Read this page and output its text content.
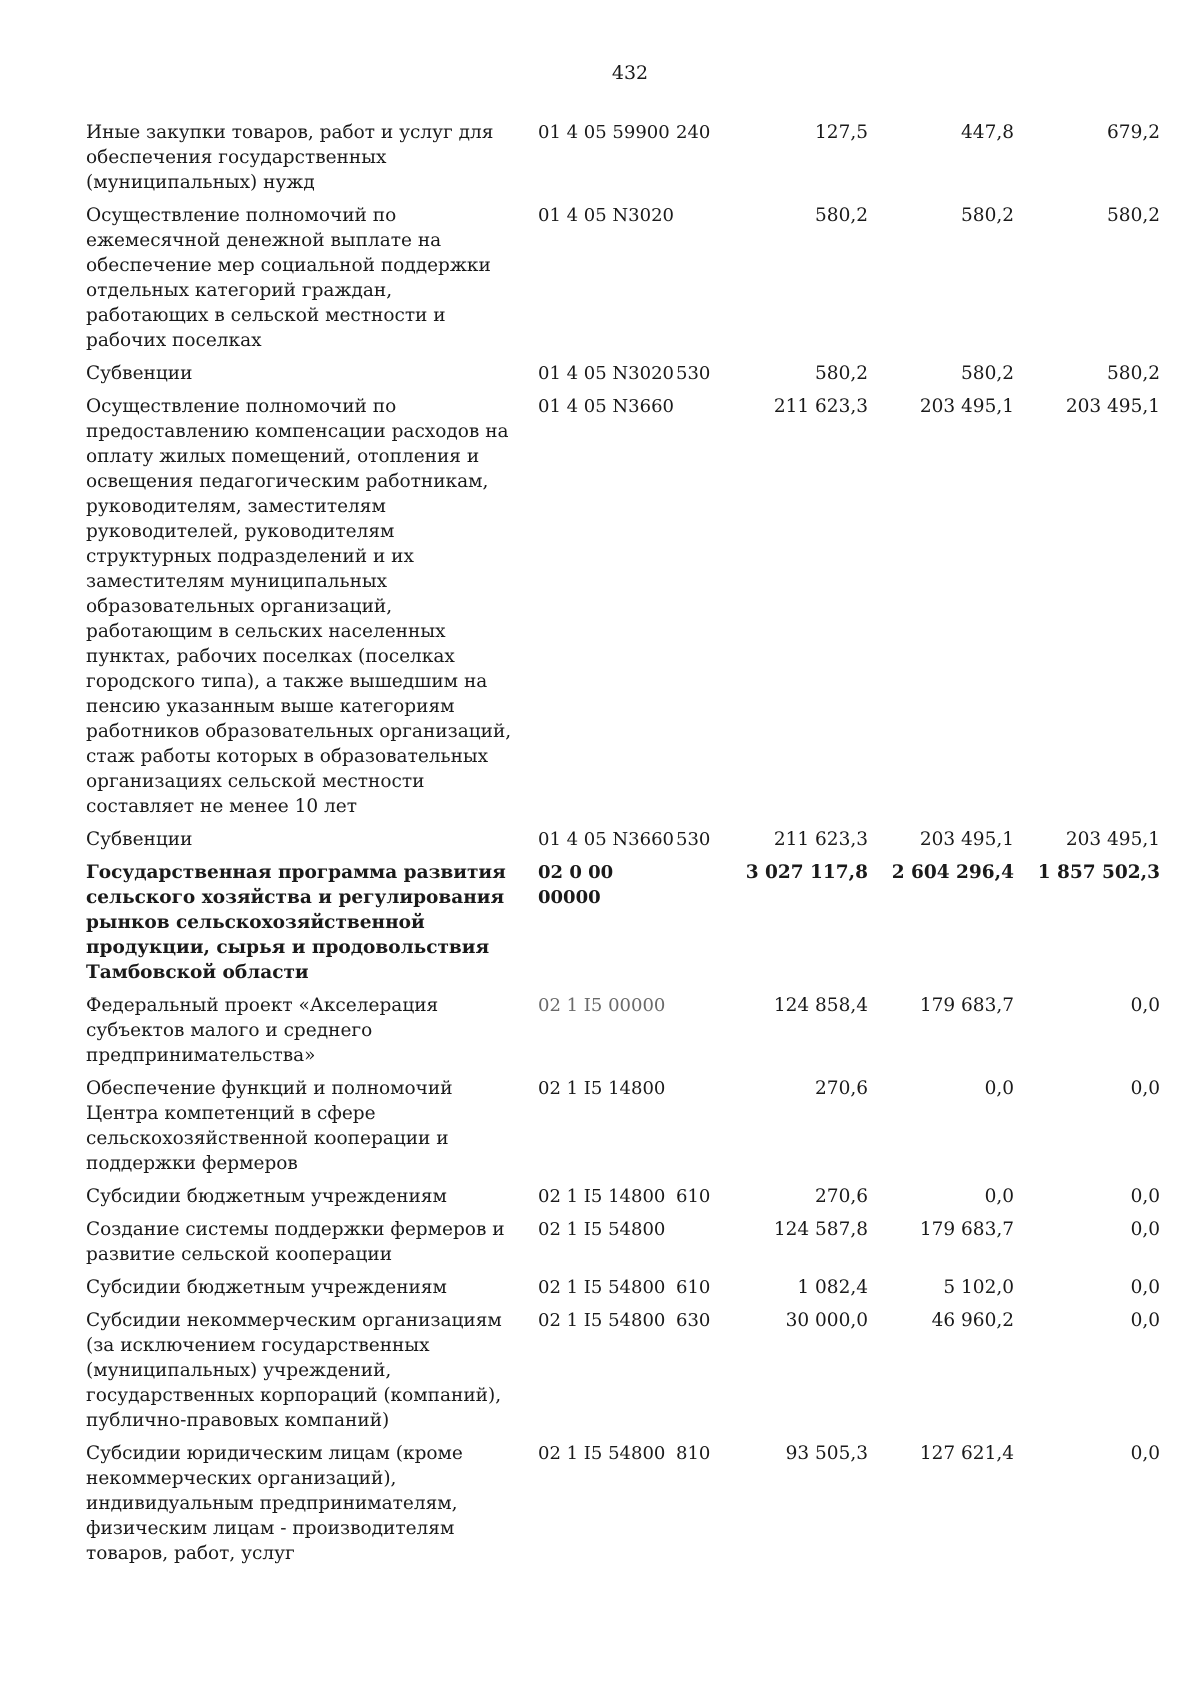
432
Иные закупки товаров, работ и услуг для обеспечения государственных (муниципальных) нужд	01 4 05 59900	240	127,5	447,8	679,2
Осуществление полномочий по ежемесячной денежной выплате на обеспечение мер социальной поддержки отдельных категорий граждан, работающих в сельской местности и рабочих поселках	01 4 05 N3020		580,2	580,2	580,2
Субвенции	01 4 05 N3020	530	580,2	580,2	580,2
Осуществление полномочий по предоставлению компенсации расходов на оплату жилых помещений, отопления и освещения педагогическим работникам, руководителям, заместителям руководителей, руководителям структурных подразделений и их заместителям муниципальных образовательных организаций, работающим в сельских населенных пунктах, рабочих поселках (поселках городского типа), а также вышедшим на пенсию указанным выше категориям работников образовательных организаций, стаж работы которых в образовательных организациях сельской местности составляет не менее 10 лет	01 4 05 N3660		211 623,3	203 495,1	203 495,1
Субвенции	01 4 05 N3660	530	211 623,3	203 495,1	203 495,1
Государственная программа развития сельского хозяйства и регулирования рынков сельскохозяйственной продукции, сырья и продовольствия Тамбовской области	02 0 00 00000		3 027 117,8	2 604 296,4	1 857 502,3
Федеральный проект «Акселерация субъектов малого и среднего предпринимательства»	02 1 I5 00000		124 858,4	179 683,7	0,0
Обеспечение функций и полномочий Центра компетенций в сфере сельскохозяйственной кооперации и поддержки фермеров	02 1 I5 14800		270,6	0,0	0,0
Субсидии бюджетным учреждениям	02 1 I5 14800	610	270,6	0,0	0,0
Создание системы поддержки фермеров и развитие сельской кооперации	02 1 I5 54800		124 587,8	179 683,7	0,0
Субсидии бюджетным учреждениям	02 1 I5 54800	610	1 082,4	5 102,0	0,0
Субсидии некоммерческим организациям (за исключением государственных (муниципальных) учреждений, государственных корпораций (компаний), публично-правовых компаний)	02 1 I5 54800	630	30 000,0	46 960,2	0,0
Субсидии юридическим лицам (кроме некоммерческих организаций), индивидуальным предпринимателям, физическим лицам - производителям товаров, работ, услуг	02 1 I5 54800	810	93 505,3	127 621,4	0,0
